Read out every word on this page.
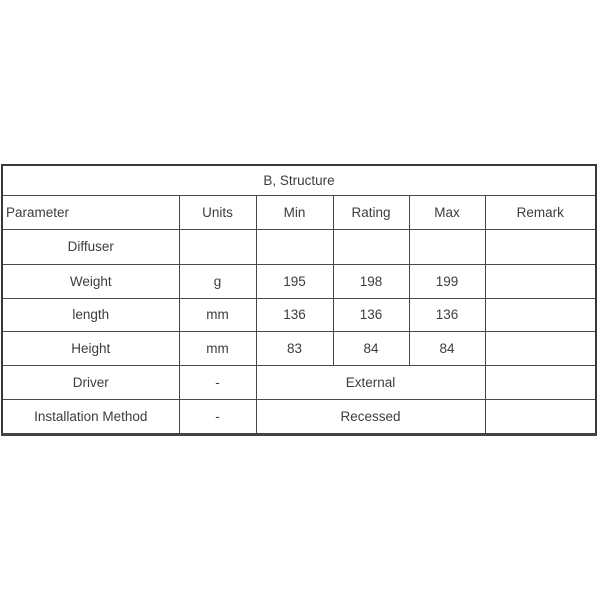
B, Structure					
Parameter	Units	Min	Rating	Max	Remark
Diffuser					
Weight	g	195	198	199	
length	mm	136	136	136	
Height	mm	83	84	84	
Driver	-	External			
Installation Method	-	Recessed			
